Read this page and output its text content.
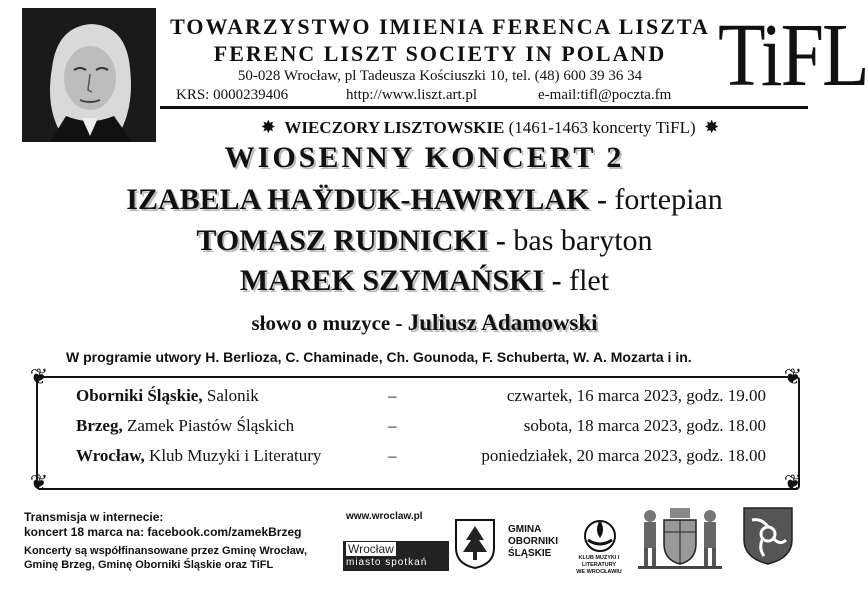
TOWARZYSTWO IMIENIA FERENCA LISZTA
FERENC LISZT SOCIETY IN POLAND
50-028 Wrocław, pl Tadeusza Kościuszki 10, tel. (48) 600 39 36 34
KRS: 0000239406	http://www.liszt.art.pl	e-mail:tifl@poczta.fm TiFL
✸ WIECZORY LISZTOWSKIE (1461-1463 koncerty TiFL) ✸
WIOSENNY KONCERT 2
IZABELA HAŸDUK-HAWRYLAK - fortepian
TOMASZ RUDNICKI - bas baryton
MAREK SZYMAŃSKI - flet
słowo o muzyce - Juliusz Adamowski
W programie utwory H. Berlioza, C. Chaminade, Ch. Gounoda, F. Schuberta, W. A. Mozarta i in.
❦	❦
❦	❦
Oborniki Śląskie, Salonik	–	czwartek, 16 marca 2023, godz. 19.00
Brzeg, Zamek Piastów Śląskich	–	sobota, 18 marca 2023, godz. 18.00
Wrocław, Klub Muzyki i Literatury	–	poniedziałek, 20 marca 2023, godz. 18.00
Transmisja w internecie:
koncert 18 marca na: facebook.com/zamekBrzeg
Koncerty są współfinansowane przez Gminę Wrocław,
Gminę Brzeg, Gminę Oborniki Śląskie oraz TiFL
www.wroclaw.pl
Wrocław
miasto spotkań
GMINA
OBORNIKI
ŚLĄSKIE	KLUB MUZYKI I LITERATURY
WE WROCŁAWIU
